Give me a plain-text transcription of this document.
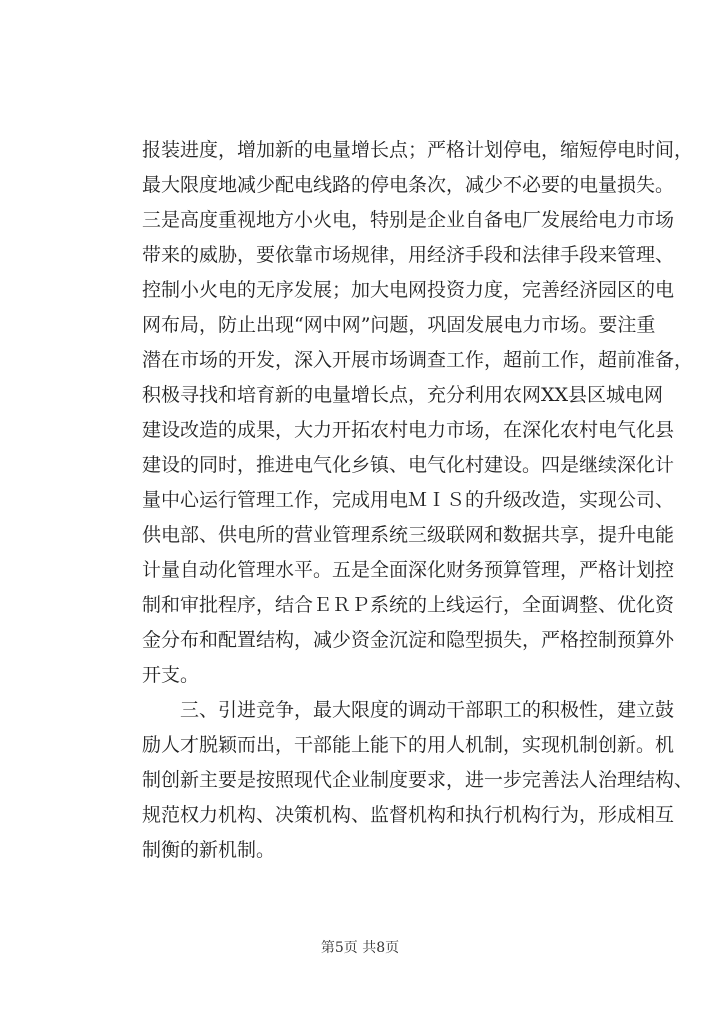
报装进度，增加新的电量增长点；严格计划停电，缩短停电时间，
最大限度地减少配电线路的停电条次，减少不必要的电量损失。
三是高度重视地方小火电，特别是企业自备电厂发展给电力市场
带来的威胁，要依靠市场规律，用经济手段和法律手段来管理、
控制小火电的无序发展；加大电网投资力度，完善经济园区的电
网布局，防止出现“网中网”问题，巩固发展电力市场。要注重
潜在市场的开发，深入开展市场调查工作，超前工作，超前准备，
积极寻找和培育新的电量增长点，充分利用农网XX县区城电网
建设改造的成果，大力开拓农村电力市场，在深化农村电气化县
建设的同时，推进电气化乡镇、电气化村建设。四是继续深化计
量中心运行管理工作，完成用电ＭＩＳ的升级改造，实现公司、
供电部、供电所的营业管理系统三级联网和数据共享，提升电能
计量自动化管理水平。五是全面深化财务预算管理，严格计划控
制和审批程序，结合ＥＲＰ系统的上线运行，全面调整、优化资
金分布和配置结构，减少资金沉淀和隐型损失，严格控制预算外
开支。
　　三、引进竞争，最大限度的调动干部职工的积极性，建立鼓
励人才脱颖而出，干部能上能下的用人机制，实现机制创新。机
制创新主要是按照现代企业制度要求，进一步完善法人治理结构、
规范权力机构、决策机构、监督机构和执行机构行为，形成相互
制衡的新机制。
第5页 共8页
